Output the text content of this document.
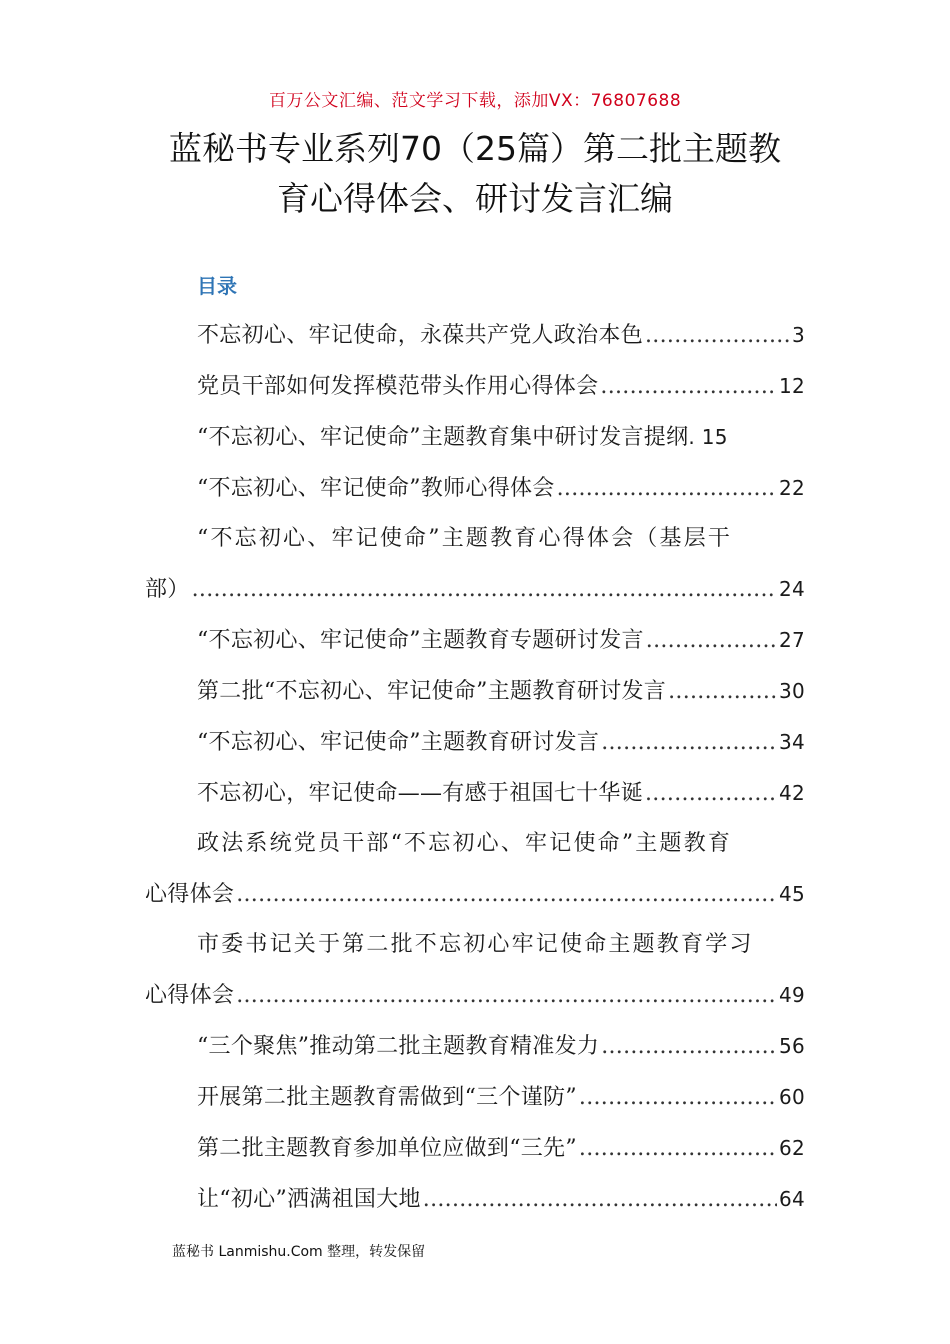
百万公文汇编、范文学习下载，添加VX：76807688
蓝秘书专业系列70（25篇）第二批主题教
育心得体会、研讨发言汇编
目录
不忘初心、牢记使命，永葆共产党人政治本色 .....	3
党员干部如何发挥模范带头作用心得体会 .....	12
“不忘初心、牢记使命”主题教育集中研讨发言提纲 . 15
“不忘初心、牢记使命”教师心得体会 .....	22
“不忘初心、牢记使命”主题教育心得体会（基层干
部） .....	24
“不忘初心、牢记使命”主题教育专题研讨发言 .....	27
第二批“不忘初心、牢记使命”主题教育研讨发言 .....	30
“不忘初心、牢记使命”主题教育研讨发言 .....	34
不忘初心，牢记使命——有感于祖国七十华诞 .....	42
政法系统党员干部“不忘初心、牢记使命”主题教育
心得体会 .....	45
市委书记关于第二批不忘初心牢记使命主题教育学习
心得体会 .....	49
“三个聚焦”推动第二批主题教育精准发力 .....	56
开展第二批主题教育需做到“三个谨防” .....	60
第二批主题教育参加单位应做到“三先” .....	62
让“初心”洒满祖国大地 .....	64
蓝秘书 Lanmishu.Com 整理，转发保留
